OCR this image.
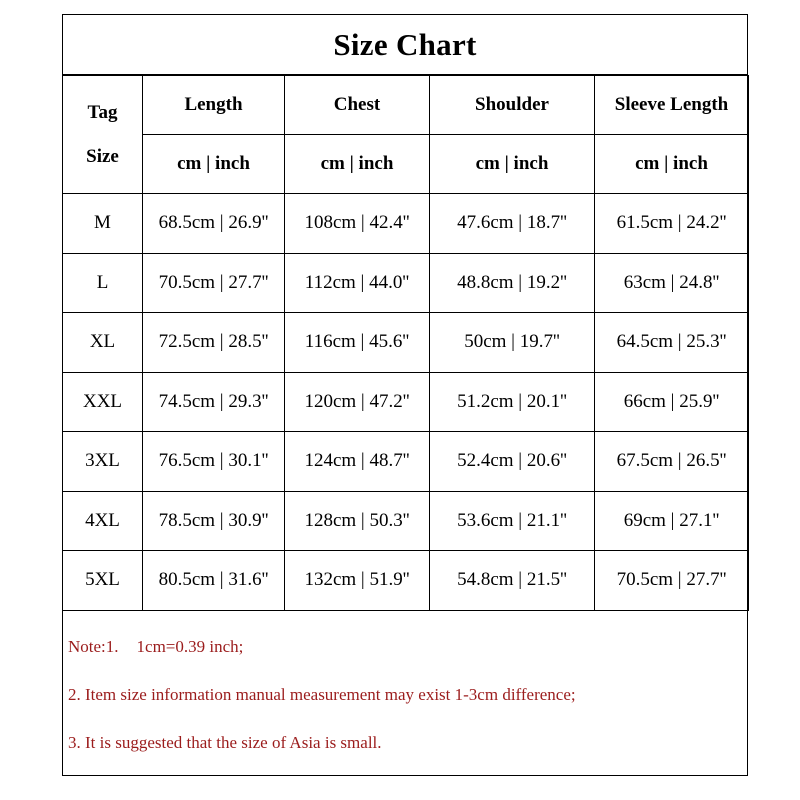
Size Chart
Tag
Size	Length	Chest	Shoulder	Sleeve Length
	cm | inch	cm | inch	cm | inch	cm | inch
M	68.5cm | 26.9''	108cm | 42.4''	47.6cm | 18.7''	61.5cm | 24.2''
L	70.5cm | 27.7''	112cm | 44.0''	48.8cm | 19.2''	63cm | 24.8''
XL	72.5cm | 28.5''	116cm | 45.6''	50cm | 19.7''	64.5cm | 25.3''
XXL	74.5cm | 29.3''	120cm | 47.2''	51.2cm | 20.1''	66cm | 25.9''
3XL	76.5cm | 30.1''	124cm | 48.7''	52.4cm | 20.6''	67.5cm | 26.5''
4XL	78.5cm | 30.9''	128cm | 50.3''	53.6cm | 21.1''	69cm | 27.1''
5XL	80.5cm | 31.6''	132cm | 51.9''	54.8cm | 21.5''	70.5cm | 27.7''
Note:1. 1cm=0.39 inch;
2. Item size information manual measurement may exist 1-3cm difference;
3. It is suggested that the size of Asia is small.
